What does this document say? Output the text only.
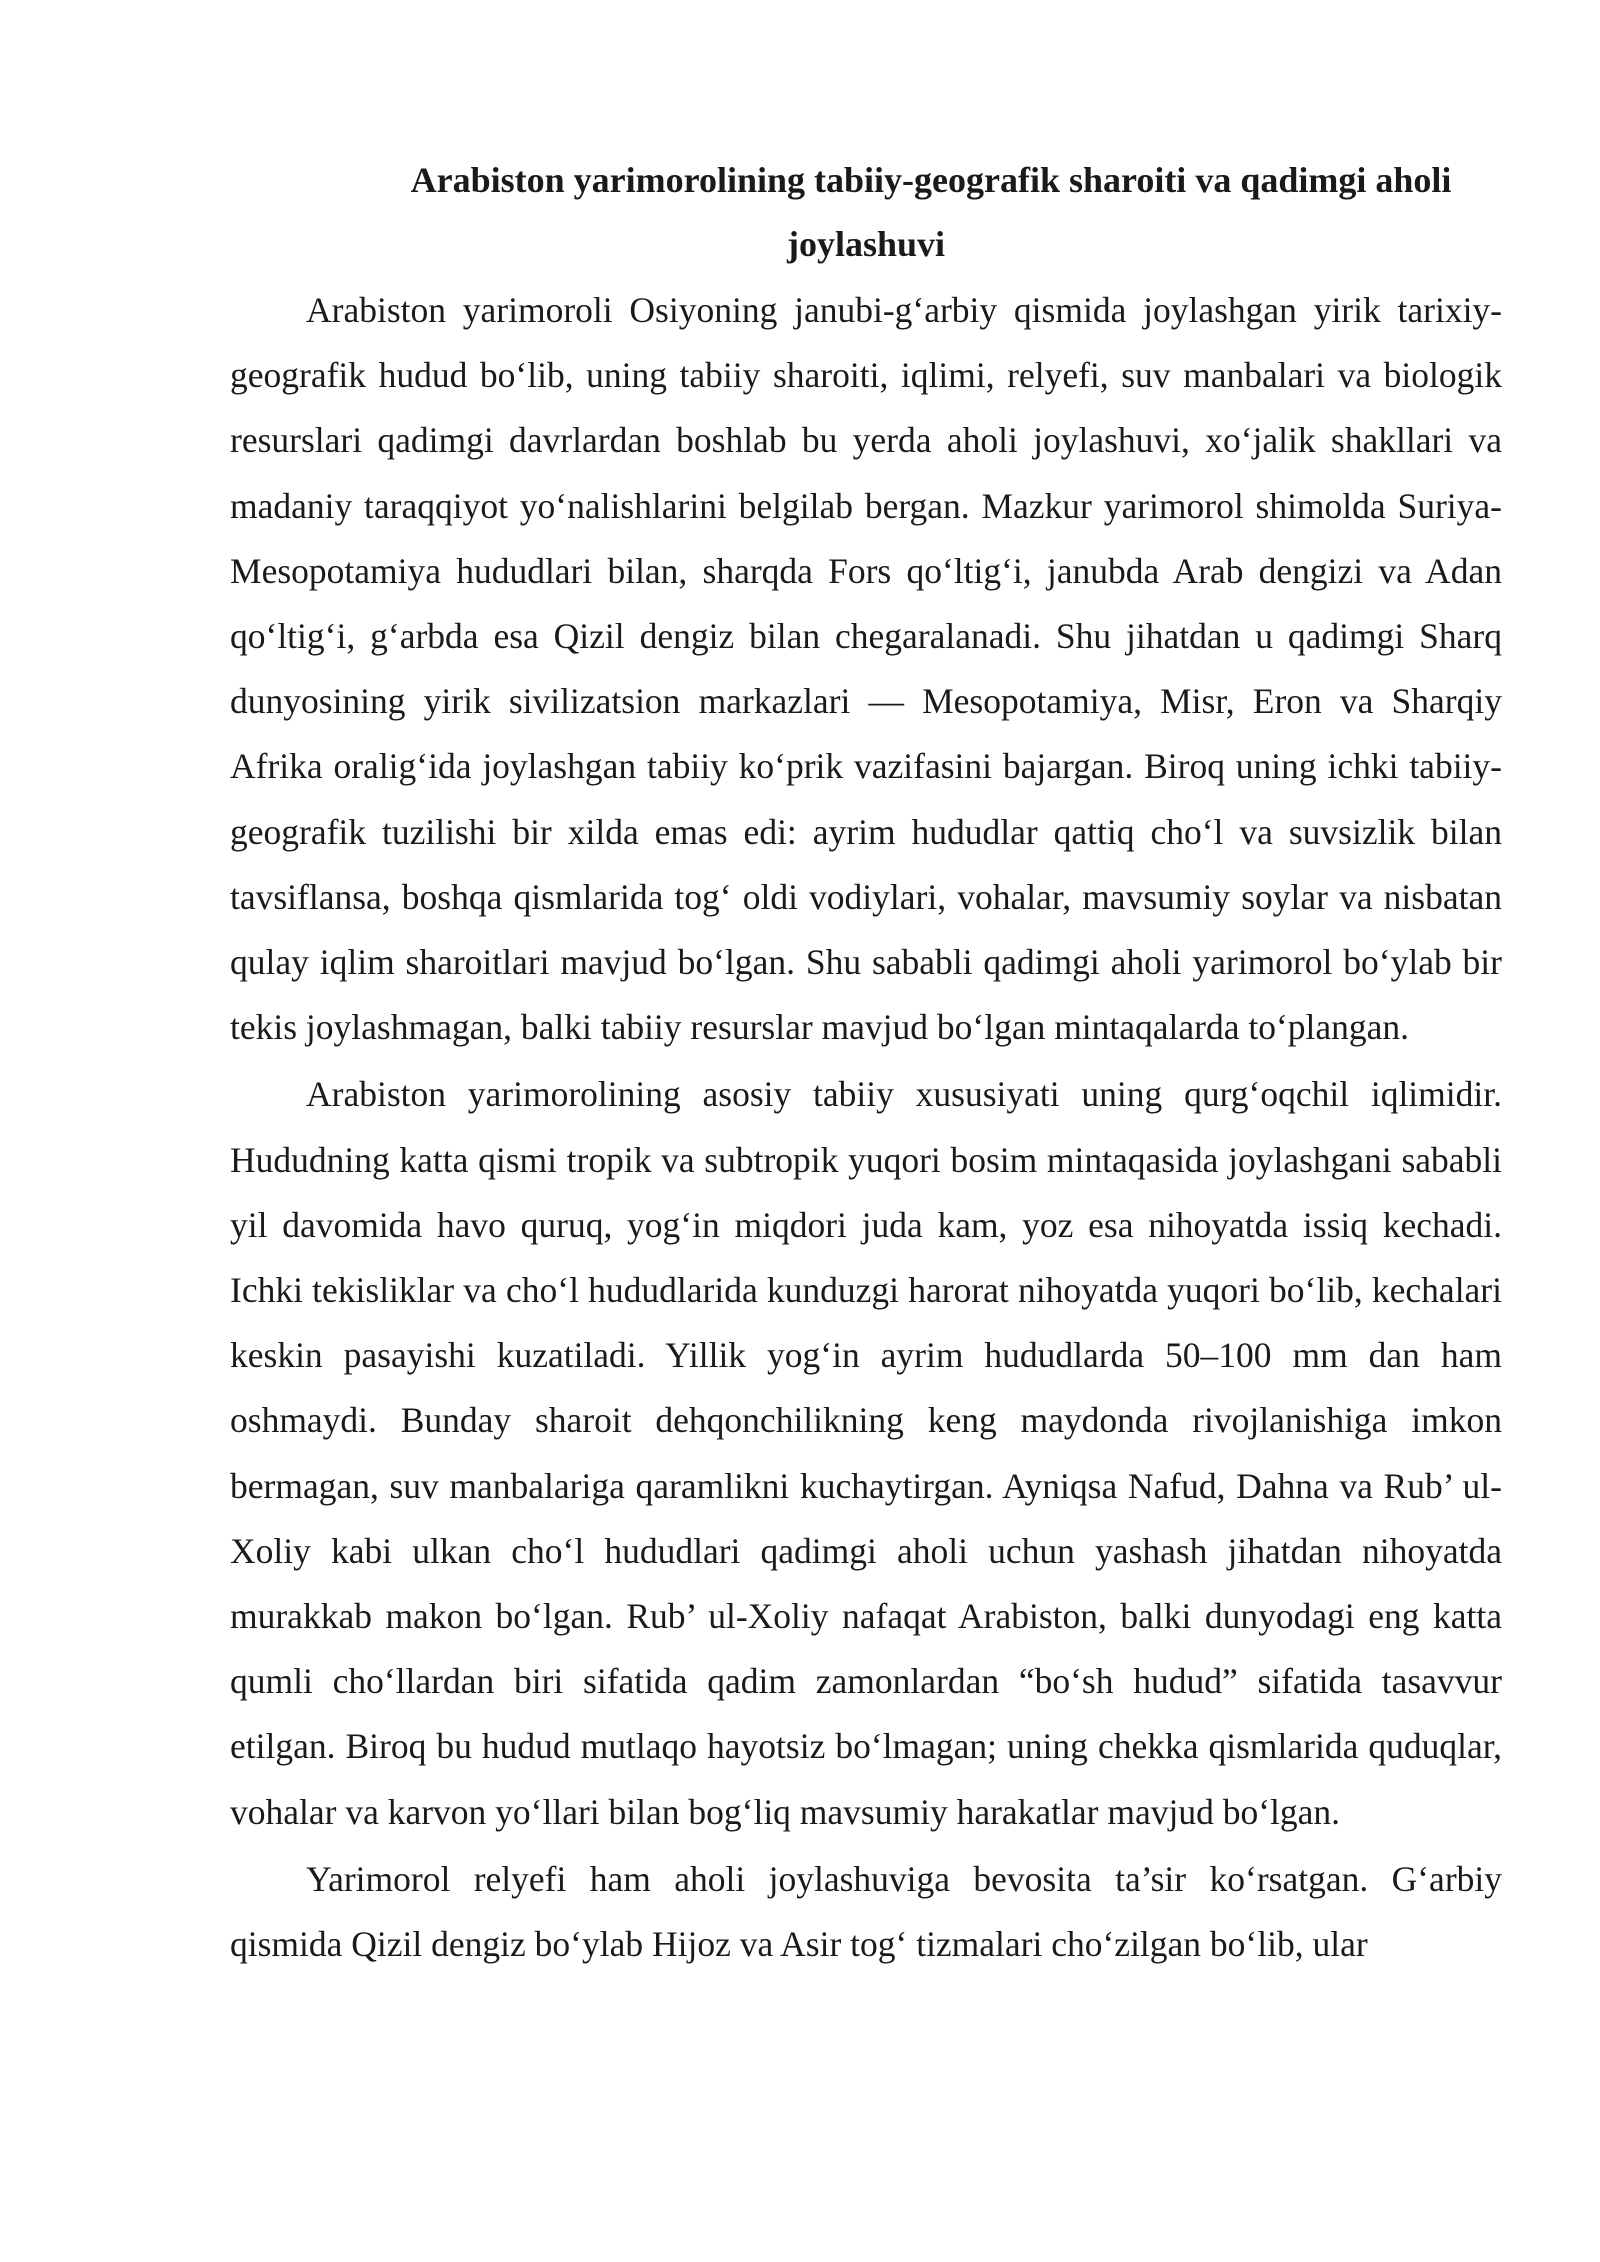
Arabiston yarimorolining tabiiy-geografik sharoiti va qadimgi aholi joylashuvi

Arabiston yarimoroli Osiyoning janubi-g‘arbiy qismida joylashgan yirik tarixiy-geografik hudud bo‘lib, uning tabiiy sharoiti, iqlimi, relyefi, suv manbalari va biologik resurslari qadimgi davrlardan boshlab bu yerda aholi joylashuvi, xo‘jalik shakllari va madaniy taraqqiyot yo‘nalishlarini belgilab bergan. Mazkur yarimorol shimolda Suriya-Mesopotamiya hududlari bilan, sharqda Fors qo‘ltig‘i, janubda Arab dengizi va Adan qo‘ltig‘i, g‘arbda esa Qizil dengiz bilan chegaralanadi. Shu jihatdan u qadimgi Sharq dunyosining yirik sivilizatsion markazlari — Mesopotamiya, Misr, Eron va Sharqiy Afrika oralig‘ida joylashgan tabiiy ko‘prik vazifasini bajargan. Biroq uning ichki tabiiy-geografik tuzilishi bir xilda emas edi: ayrim hududlar qattiq cho‘l va suvsizlik bilan tavsiflansa, boshqa qismlarida tog‘ oldi vodiylari, vohalar, mavsumiy soylar va nisbatan qulay iqlim sharoitlari mavjud bo‘lgan. Shu sababli qadimgi aholi yarimorol bo‘ylab bir tekis joylashmagan, balki tabiiy resurslar mavjud bo‘lgan mintaqalarda to‘plangan.

Arabiston yarimorolining asosiy tabiiy xususiyati uning qurg‘oqchil iqlimidir. Hududning katta qismi tropik va subtropik yuqori bosim mintaqasida joylashgani sababli yil davomida havo quruq, yog‘in miqdori juda kam, yoz esa nihoyatda issiq kechadi. Ichki tekisliklar va cho‘l hududlarida kunduzgi harorat nihoyatda yuqori bo‘lib, kechalari keskin pasayishi kuzatiladi. Yillik yog‘in ayrim hududlarda 50–100 mm dan ham oshmaydi. Bunday sharoit dehqonchilikning keng maydonda rivojlanishiga imkon bermagan, suv manbalariga qaramlikni kuchaytirgan. Ayniqsa Nafud, Dahna va Rub’ ul-Xoliy kabi ulkan cho‘l hududlari qadimgi aholi uchun yashash jihatdan nihoyatda murakkab makon bo‘lgan. Rub’ ul-Xoliy nafaqat Arabiston, balki dunyodagi eng katta qumli cho‘llardan biri sifatida qadim zamonlardan “bo‘sh hudud” sifatida tasavvur etilgan. Biroq bu hudud mutlaqo hayotsiz bo‘lmagan; uning chekka qismlarida quduqlar, vohalar va karvon yo‘llari bilan bog‘liq mavsumiy harakatlar mavjud bo‘lgan.

Yarimorol relyefi ham aholi joylashuviga bevosita ta’sir ko‘rsatgan. G‘arbiy qismida Qizil dengiz bo‘ylab Hijoz va Asir tog‘ tizmalari cho‘zilgan bo‘lib, ular
